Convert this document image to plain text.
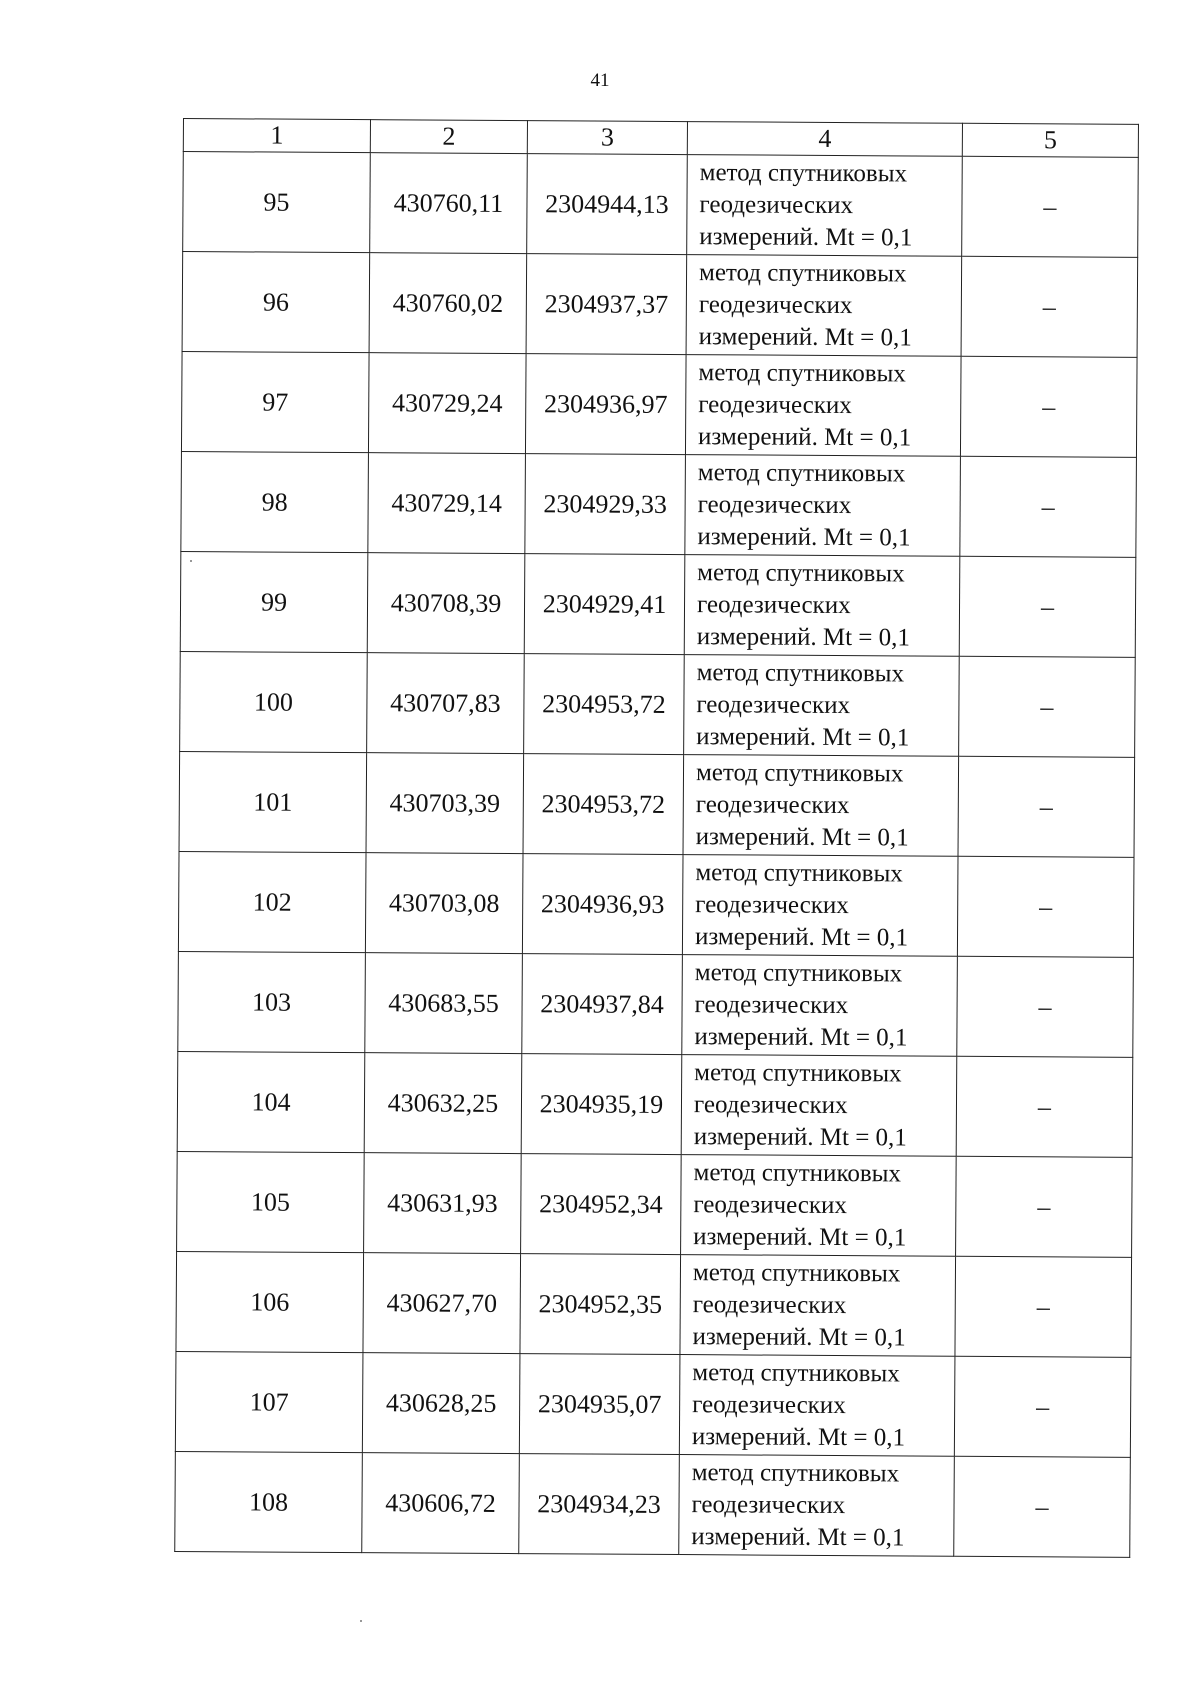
41
1	2	3	4	5
95	430760,11	2304944,13	метод спутниковых
геодезических
измерений. Mt = 0,1	–
96	430760,02	2304937,37	метод спутниковых
геодезических
измерений. Mt = 0,1	–
97	430729,24	2304936,97	метод спутниковых
геодезических
измерений. Mt = 0,1	–
98	430729,14	2304929,33	метод спутниковых
геодезических
измерений. Mt = 0,1	–
99	430708,39	2304929,41	метод спутниковых
геодезических
измерений. Mt = 0,1	–
100	430707,83	2304953,72	метод спутниковых
геодезических
измерений. Mt = 0,1	–
101	430703,39	2304953,72	метод спутниковых
геодезических
измерений. Mt = 0,1	–
102	430703,08	2304936,93	метод спутниковых
геодезических
измерений. Mt = 0,1	–
103	430683,55	2304937,84	метод спутниковых
геодезических
измерений. Mt = 0,1	–
104	430632,25	2304935,19	метод спутниковых
геодезических
измерений. Mt = 0,1	–
105	430631,93	2304952,34	метод спутниковых
геодезических
измерений. Mt = 0,1	–
106	430627,70	2304952,35	метод спутниковых
геодезических
измерений. Mt = 0,1	–
107	430628,25	2304935,07	метод спутниковых
геодезических
измерений. Mt = 0,1	–
108	430606,72	2304934,23	метод спутниковых
геодезических
измерений. Mt = 0,1	–
